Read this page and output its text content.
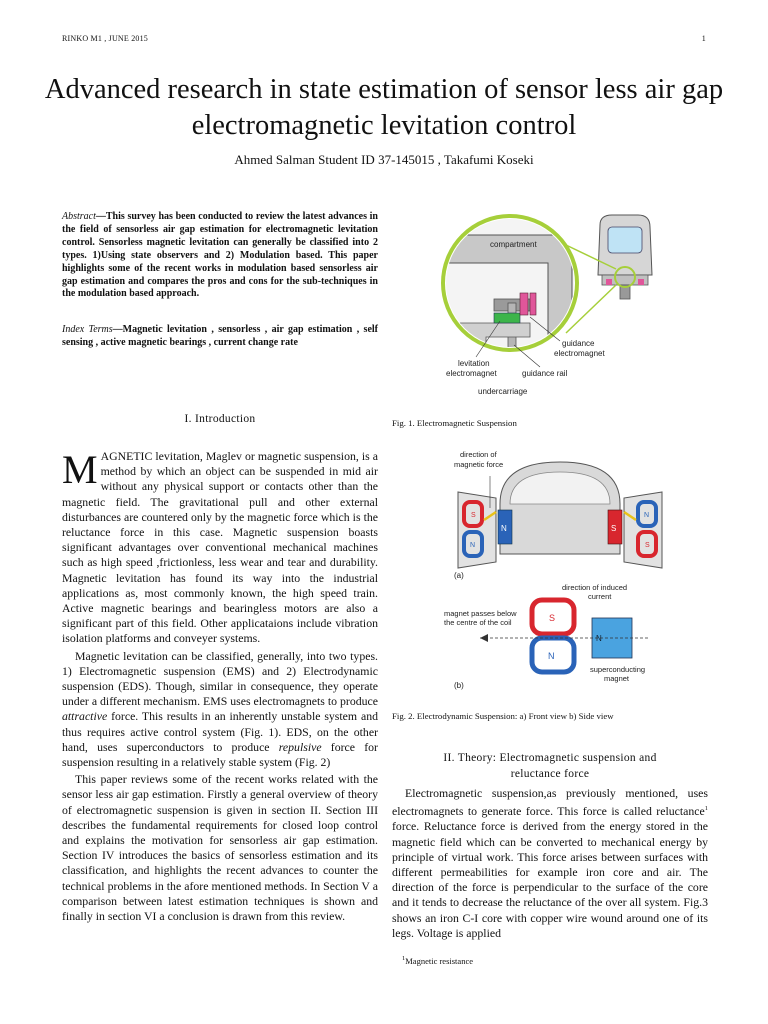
RINKO M1 , JUNE 2015	1
Advanced research in state estimation of sensor less air gap electromagnetic levitation control
Ahmed Salman Student ID 37-145015 , Takafumi Koseki
Abstract—This survey has been conducted to review the latest advances in the field of sensorless air gap estimation for electromagnetic levitation control. Sensorless magnetic levitation can generally be classified into 2 types. 1)Using state observers and 2) Modulation based. This paper highlights some of the recent works in modulation based sensorless air gap estimation and compares the pros and cons for the sub-techniques in the modulation based approach.
Index Terms—Magnetic levitation , sensorless , air gap estimation , self sensing , active magnetic bearings , current change rate
I. Introduction

MAGNETIC levitation, Maglev or magnetic suspension, is a method by which an object can be suspended in mid air without any physical support or contacts other than the magnetic field. The gravitational pull and other external disturbances are countered only by the magnetic force which is the reluctance force in this case. Magnetic suspension boasts significant advantages over conventional mechanical machines such as high speed ,frictionless, less wear and tear and durability. Magnetic levitation has found its way into the industrial applications as, most commonly known, the high speed train. Active magnetic bearings and bearingless motors are also a significant part of this field. Other applicataions include vibration isolation platforms and conveyer systems.

Magnetic levitation can be classified, generally, into two types. 1) Electromagnetic suspension (EMS) and 2) Electrodynamic suspension (EDS). Though, similar in consequence, they operate under a different mechanism. EMS uses electromagnets to produce attractive force. This results in an inherently unstable system and thus requires active control system (Fig. 1). EDS, on the other hand, uses superconductors to produce repulsive force for suspension resulting in a relatively stable system (Fig. 2)

This paper reviews some of the recent works related with the sensor less air gap estimation. Firstly a general overview of theory of electromagnetic suspension is given in section II. Section III describes the fundamental requirements for closed loop control and explains the motivation for sensorless air gap estimation. Section IV introduces the basics of sensorless estimation and its classification, and highlights the recent advances to counter the technical problems in the afore mentioned methods. In Section V a comparison between latest estimation techniques is shown and finally in section VI a conclusion is drawn from this review.

compartment
guidance
electromagnet
levitation
electromagnet	guidance rail
undercarriage
Fig. 1. Electromagnetic Suspension
N
S
N
S
N
S
direction of
magnetic force
(a)
direction of induced
current
S
N
N
magnet passes below
the centre of the coil
superconducting
magnet
(b)
Fig. 2. Electrodynamic Suspension: a) Front view b) Side view
II. Theory: Electromagnetic suspension and
reluctance force

Electromagnetic suspension,as previously mentioned, uses electromagnets to generate force. This force is called reluctance$^1$ force. Reluctance force is derived from the energy stored in the magnetic field which can be converted to mechanical energy by principle of virtual work. This force arises between surfaces with different permeabilities for example iron core and air. The direction of the force is perpendicular to the surface of the core and it tends to decrease the reluctance of the over all system. Fig.3 shows an iron C-I core with copper wire wound around one of its legs. Voltage is applied

$^1$Magnetic resistance
